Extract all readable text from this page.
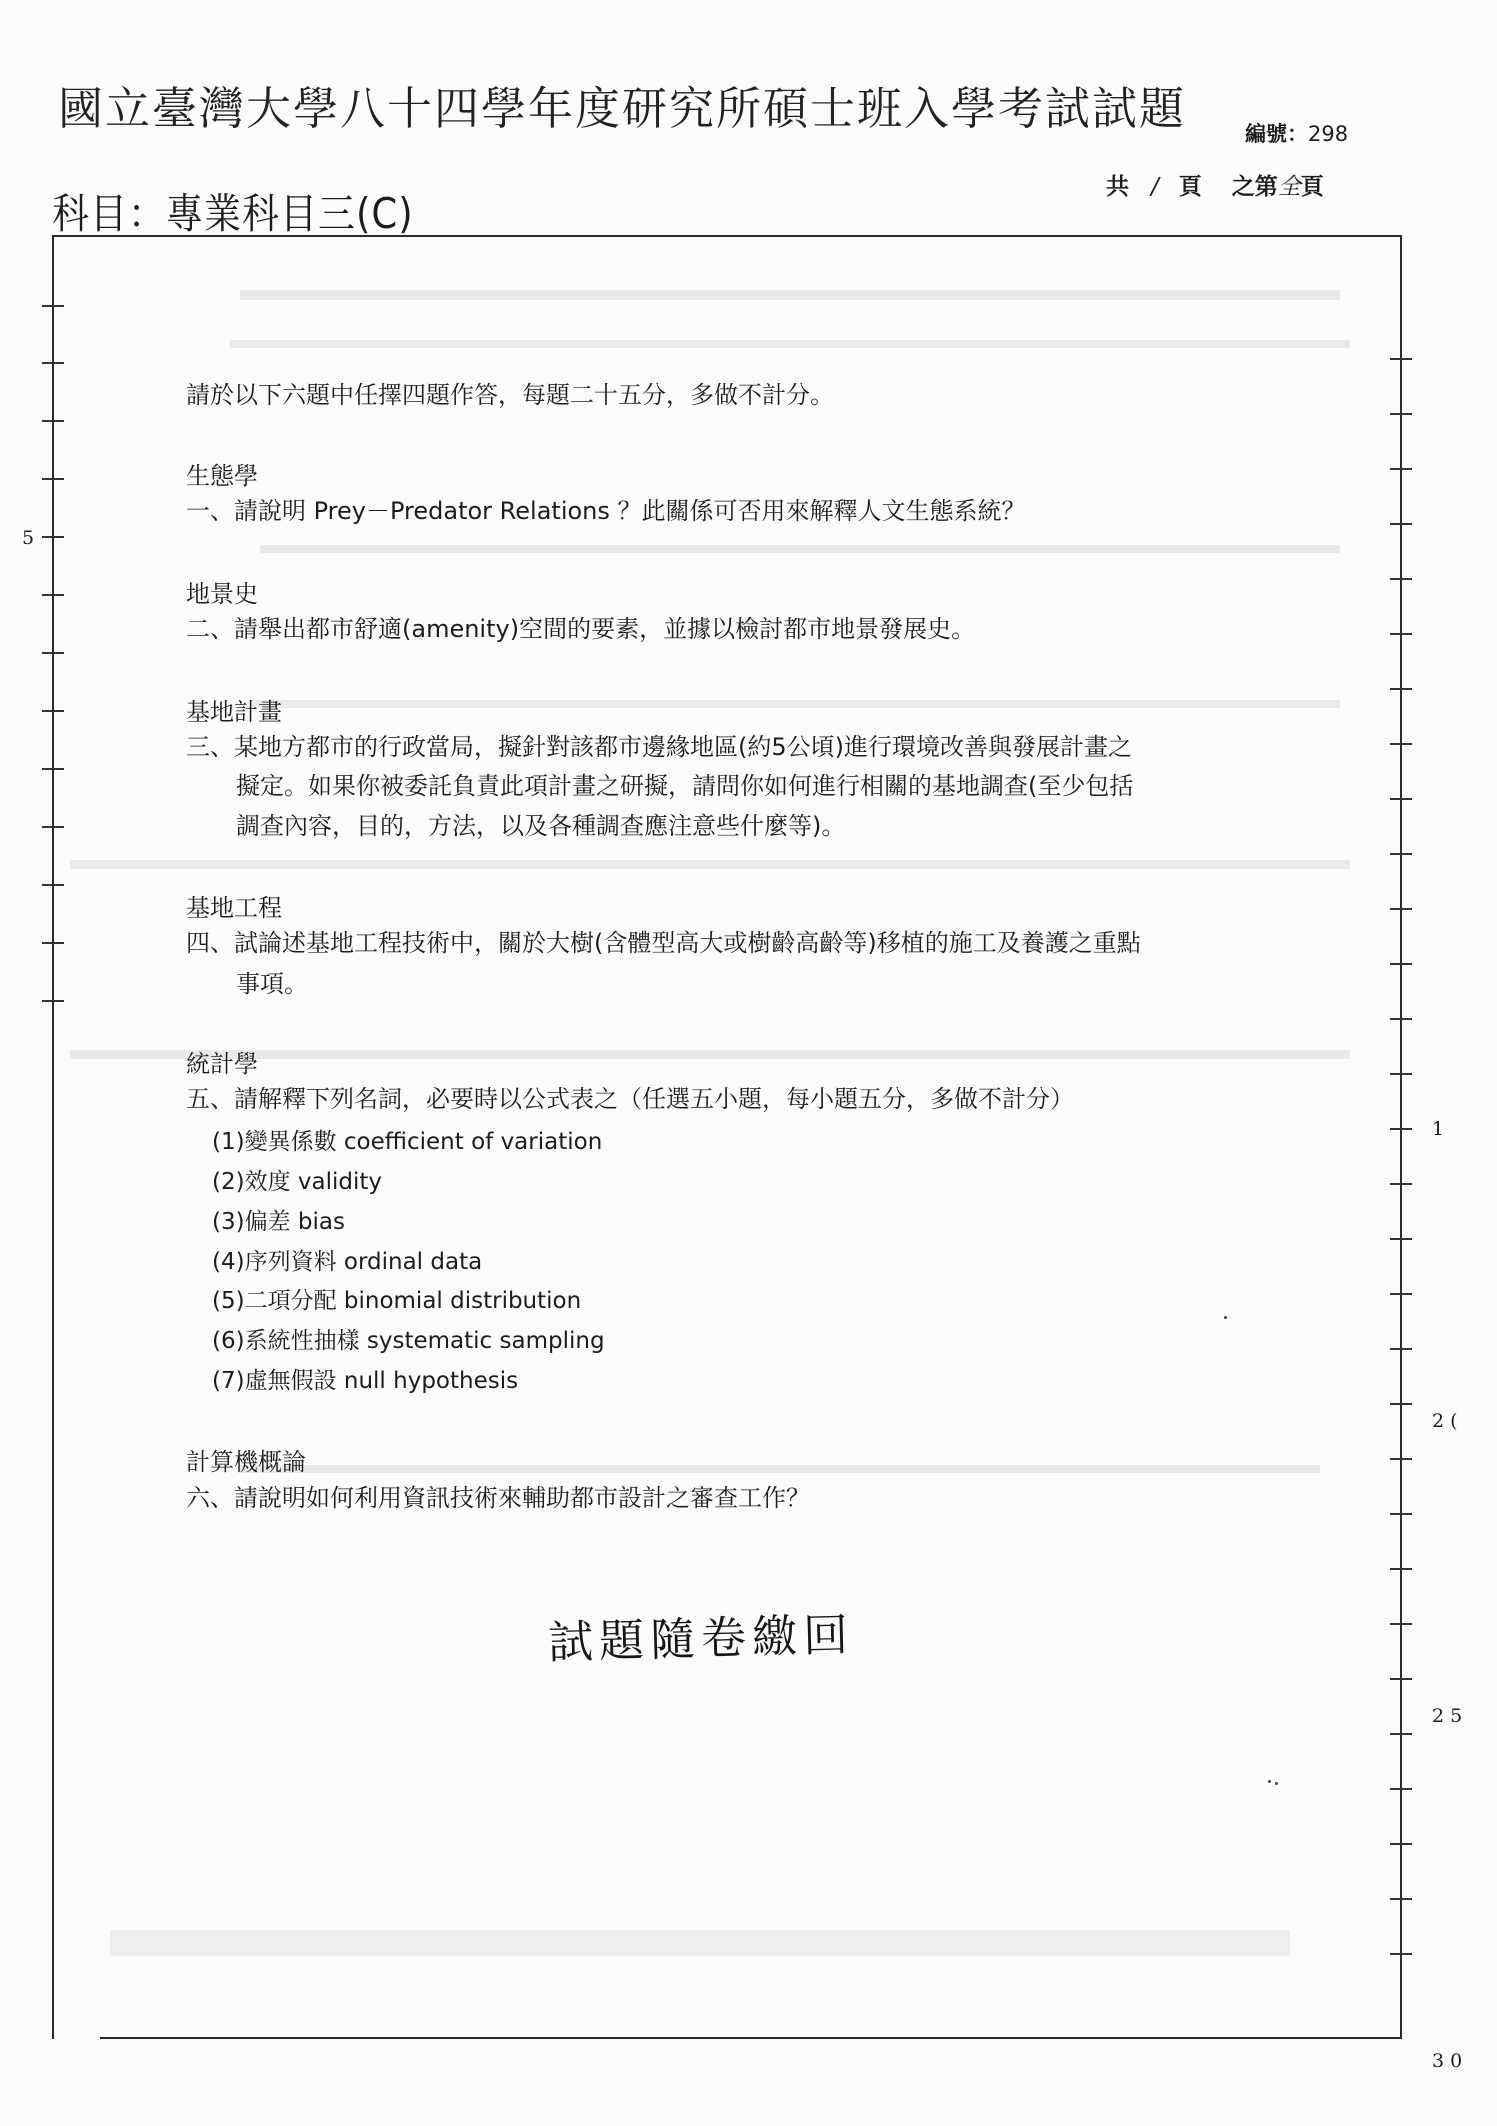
國立臺灣大學八十四學年度研究所碩士班入學考試試題	編號：298
科目：專業科目三(C)
共 / 頁 之第全頁
5
1
2 (
2 5
3 0
請於以下六題中任擇四題作答，每題二十五分，多做不計分。
生態學
一、請說明 Prey－Predator Relations ？此關係可否用來解釋人文生態系統？
地景史
二、請舉出都市舒適(amenity)空間的要素，並據以檢討都市地景發展史。
基地計畫
三、某地方都市的行政當局，擬針對該都市邊緣地區(約5公頃)進行環境改善與發展計畫之
擬定。如果你被委託負責此項計畫之研擬，請問你如何進行相關的基地調查(至少包括
調查內容，目的，方法，以及各種調查應注意些什麼等)。
基地工程
四、試論述基地工程技術中，關於大樹(含體型高大或樹齡高齡等)移植的施工及養護之重點
事項。
統計學
五、請解釋下列名詞，必要時以公式表之（任選五小題，每小題五分，多做不計分）
(1)變異係數 coefficient of variation
(2)效度 validity
(3)偏差 bias
(4)序列資料 ordinal data
(5)二項分配 binomial distribution
(6)系統性抽樣 systematic sampling
(7)虛無假設 null hypothesis
計算機概論
六、請說明如何利用資訊技術來輔助都市設計之審查工作？
試題隨卷繳回
